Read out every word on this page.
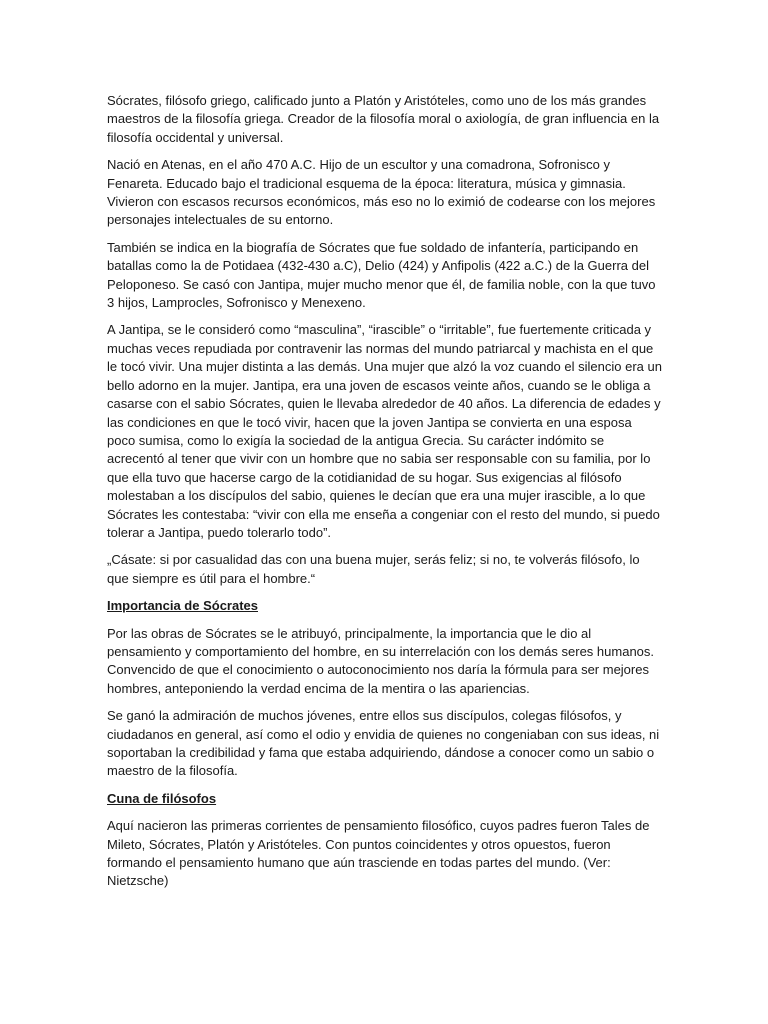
Sócrates, filósofo griego, calificado junto a Platón y Aristóteles, como uno de los más grandes maestros de la filosofía griega. Creador de la filosofía moral o axiología, de gran influencia en la filosofía occidental y universal.

Nació en Atenas, en el año 470 A.C. Hijo de un escultor y una comadrona, Sofronisco y Fenareta. Educado bajo el tradicional esquema de la época: literatura, música y gimnasia. Vivieron con escasos recursos económicos, más eso no lo eximió de codearse con los mejores personajes intelectuales de su entorno.

También se indica en la biografía de Sócrates que fue soldado de infantería, participando en batallas como la de Potidaea (432-430 a.C), Delio (424) y Anfipolis (422 a.C.) de la Guerra del Peloponeso. Se casó con Jantipa, mujer mucho menor que él, de familia noble, con la que tuvo 3 hijos, Lamprocles, Sofronisco y Menexeno.

A Jantipa, se le consideró como “masculina”, “irascible” o “irritable”, fue fuertemente criticada y muchas veces repudiada por contravenir las normas del mundo patriarcal y machista en el que le tocó vivir. Una mujer distinta a las demás. Una mujer que alzó la voz cuando el silencio era un bello adorno en la mujer. Jantipa, era una joven de escasos veinte años, cuando se le obliga a casarse con el sabio Sócrates, quien le llevaba alrededor de 40 años. La diferencia de edades y las condiciones en que le tocó vivir, hacen que la joven Jantipa se convierta en una esposa poco sumisa, como lo exigía la sociedad de la antigua Grecia. Su carácter indómito se acrecentó al tener que vivir con un hombre que no sabia ser responsable con su familia, por lo que ella tuvo que hacerse cargo de la cotidianidad de su hogar. Sus exigencias al filósofo molestaban a los discípulos del sabio, quienes le decían que era una mujer irascible, a lo que Sócrates les contestaba: “vivir con ella me enseña a congeniar con el resto del mundo, si puedo tolerar a Jantipa, puedo tolerarlo todo”.

„Cásate: si por casualidad das con una buena mujer, serás feliz; si no, te volverás filósofo, lo que siempre es útil para el hombre.“

Importancia de Sócrates

Por las obras de Sócrates se le atribuyó, principalmente, la importancia que le dio al pensamiento y comportamiento del hombre, en su interrelación con los demás seres humanos. Convencido de que el conocimiento o autoconocimiento nos daría la fórmula para ser mejores hombres, anteponiendo la verdad encima de la mentira o las apariencias.

Se ganó la admiración de muchos jóvenes, entre ellos sus discípulos, colegas filósofos, y ciudadanos en general, así como el odio y envidia de quienes no congeniaban con sus ideas, ni soportaban la credibilidad y fama que estaba adquiriendo, dándose a conocer como un sabio o maestro de la filosofía.

Cuna de filósofos

Aquí nacieron las primeras corrientes de pensamiento filosófico, cuyos padres fueron Tales de Mileto, Sócrates, Platón y Aristóteles. Con puntos coincidentes y otros opuestos, fueron formando el pensamiento humano que aún trasciende en todas partes del mundo. (Ver: Nietzsche)
